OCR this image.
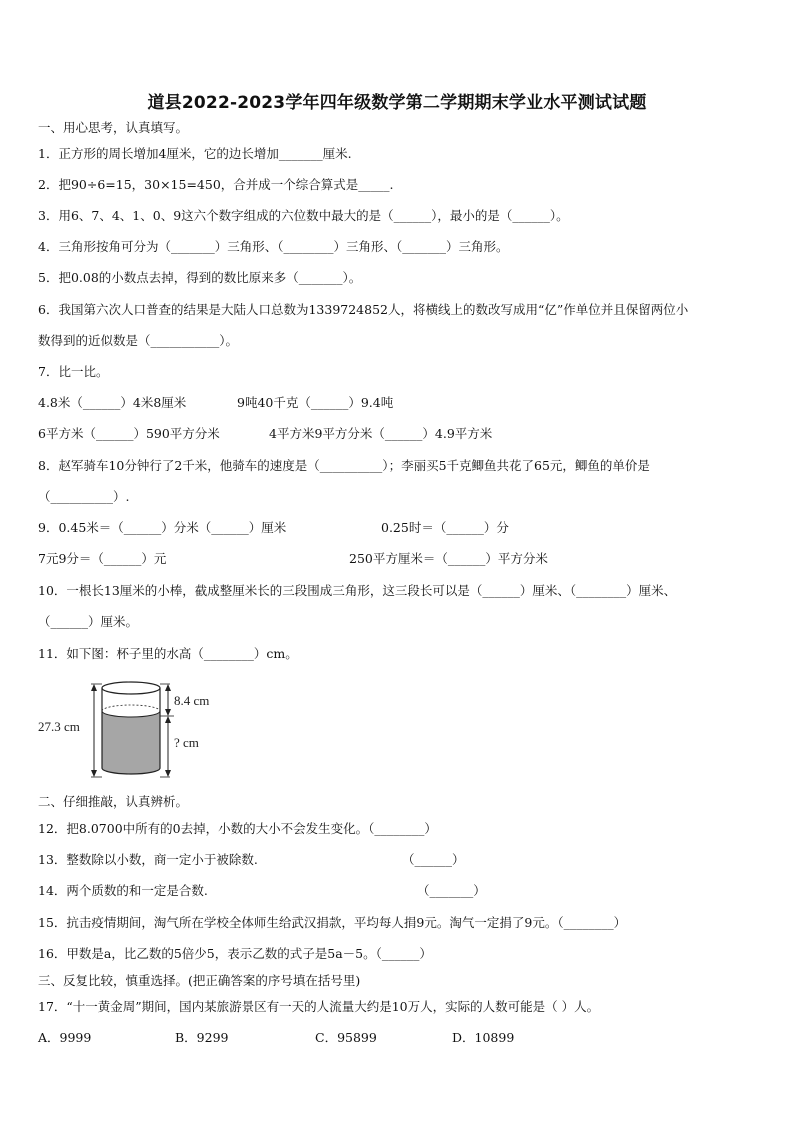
道县2022-2023学年四年级数学第二学期期末学业水平测试试题
一、用心思考，认真填写。
1．正方形的周长增加4厘米，它的边长增加_______厘米.
2．把90÷6=15，30×15=450，合并成一个综合算式是_____.
3．用6、7、4、1、0、9这六个数字组成的六位数中最大的是（______），最小的是（______）。
4．三角形按角可分为（_______）三角形、（________）三角形、（_______）三角形。
5．把0.08的小数点去掉，得到的数比原来多（_______）。
6．我国第六次人口普查的结果是大陆人口总数为1339724852人，将横线上的数改写成用“亿”作单位并且保留两位小
数得到的近似数是（___________）。
7．比一比。
4.8米（______）4米8厘米	9吨40千克（______）9.4吨
6平方米（______）590平方分米	4平方米9平方分米（______）4.9平方米
8．赵军骑车10分钟行了2千米，他骑车的速度是（__________）；李丽买5千克鲫鱼共花了65元，鲫鱼的单价是
（__________）.
9．0.45米＝（______）分米（______）厘米	0.25时＝（______）分
7元9分＝（______）元	250平方厘米＝（______）平方分米
10．一根长13厘米的小棒，截成整厘米长的三段围成三角形，这三段长可以是（______）厘米、（________）厘米、
（______）厘米。
11．如下图：杯子里的水高（________）cm。
27.3 cm
8.4 cm
? cm
二、仔细推敲，认真辨析。
12．把8.0700中所有的0去掉，小数的大小不会发生变化。（________）
13．整数除以小数，商一定小于被除数.	（______）
14．两个质数的和一定是合数.	（_______）
15．抗击疫情期间，淘气所在学校全体师生给武汉捐款，平均每人捐9元。淘气一定捐了9元。（________）
16．甲数是a，比乙数的5倍少5，表示乙数的式子是5a－5。（______）
三、反复比较，慎重选择。(把正确答案的序号填在括号里)
17．“十一黄金周”期间，国内某旅游景区有一天的人流量大约是10万人，实际的人数可能是（ ）人。
A．9999	B．9299	C．95899	D．10899
